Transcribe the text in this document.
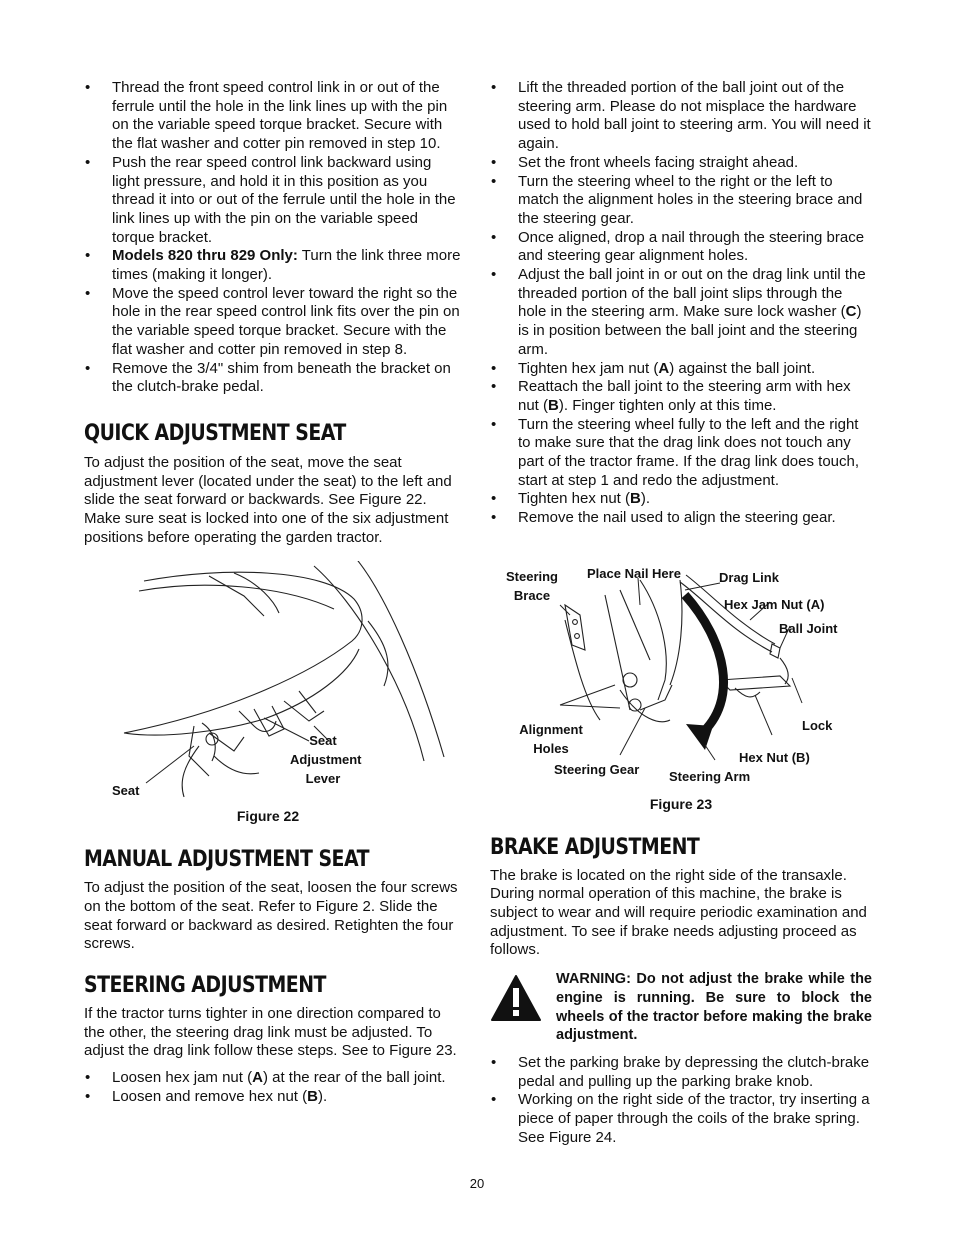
• Thread the front speed control link in or out of the ferrule until the hole in the link lines up with the pin on the variable speed torque bracket. Secure with the flat washer and cotter pin removed in step 10.
• Push the rear speed control link backward using light pressure, and hold it in this position as you thread it into or out of the ferrule until the hole in the link lines up with the pin on the variable speed torque bracket.
• Models 820 thru 829 Only: Turn the link three more times (making it longer).
• Move the speed control lever toward the right so the hole in the rear speed control link fits over the pin on the variable speed torque bracket. Secure with the flat washer and cotter pin removed in step 8.
• Remove the 3/4" shim from beneath the bracket on the clutch-brake pedal.
QUICK ADJUSTMENT SEAT

To adjust the position of the seat, move the seat adjustment lever (located under the seat) to the left and slide the seat forward or backwards. See Figure 22. Make sure seat is locked into one of the six adjustment positions before operating the garden tractor.

Seat
Seat
Adjustment
Lever
Figure 22
MANUAL ADJUSTMENT SEAT

To adjust the position of the seat, loosen the four screws on the bottom of the seat. Refer to Figure 2. Slide the seat forward or backward as desired. Retighten the four screws.

STEERING ADJUSTMENT

If the tractor turns tighter in one direction compared to the other, the steering drag link must be adjusted. To adjust the drag link follow these steps. See to Figure 23.

• Loosen hex jam nut (A) at the rear of the ball joint.
• Loosen and remove hex nut (B).
• Lift the threaded portion of the ball joint out of the steering arm. Please do not misplace the hardware used to hold ball joint to steering arm. You will need it again.
• Set the front wheels facing straight ahead.
• Turn the steering wheel to the right or the left to match the alignment holes in the steering brace and the steering gear.
• Once aligned, drop a nail through the steering brace and steering gear alignment holes.
• Adjust the ball joint in or out on the drag link until the threaded portion of the ball joint slips through the hole in the steering arm. Make sure lock washer (C) is in position between the ball joint and the steering arm.
• Tighten hex jam nut (A) against the ball joint.
• Reattach the ball joint to the steering arm with hex nut (B). Finger tighten only at this time.
• Turn the steering wheel fully to the left and the right to make sure that the drag link does not touch any part of the tractor frame. If the drag link does touch, start at step 1 and redo the adjustment.
• Tighten hex nut (B).
• Remove the nail used to align the steering gear.
Steering
Brace
Place Nail Here	Drag Link
Hex Jam Nut (A)
Ball Joint
Lock
Alignment
Holes
Hex Nut (B)
Steering Gear Steering Arm
Figure 23
BRAKE ADJUSTMENT

The brake is located on the right side of the transaxle. During normal operation of this machine, the brake is subject to wear and will require periodic examination and adjustment. To see if brake needs adjusting proceed as follows.

WARNING: Do not adjust the brake while the engine is running. Be sure to block the wheels of the tractor before making the brake adjustment.
• Set the parking brake by depressing the clutch-brake pedal and pulling up the parking brake knob.
• Working on the right side of the tractor, try inserting a piece of paper through the coils of the brake spring. See Figure 24.
20
